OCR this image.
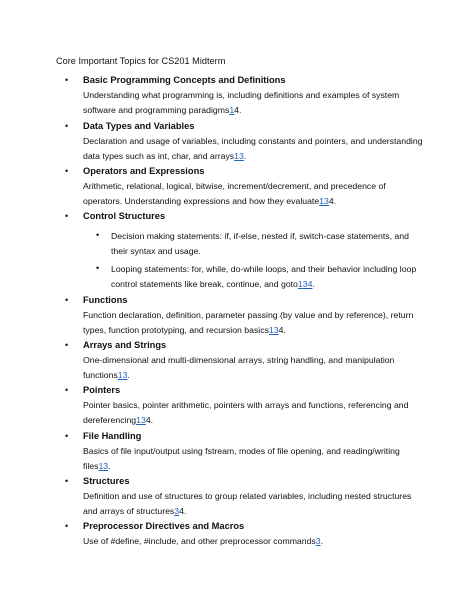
Core Important Topics for CS201 Midterm
• Basic Programming Concepts and Definitions
Understanding what programming is, including definitions and examples of system software and programming paradigms14.
• Data Types and Variables
Declaration and usage of variables, including constants and pointers, and understanding data types such as int, char, and arrays13.
• Operators and Expressions
Arithmetic, relational, logical, bitwise, increment/decrement, and precedence of operators. Understanding expressions and how they evaluate134.
• Control Structures
• Decision making statements: if, if-else, nested if, switch-case statements, and their syntax and usage.
• Looping statements: for, while, do-while loops, and their behavior including loop control statements like break, continue, and goto134.
• Functions
Function declaration, definition, parameter passing (by value and by reference), return types, function prototyping, and recursion basics134.
• Arrays and Strings
One-dimensional and multi-dimensional arrays, string handling, and manipulation functions13.
• Pointers
Pointer basics, pointer arithmetic, pointers with arrays and functions, referencing and dereferencing134.
• File Handling
Basics of file input/output using fstream, modes of file opening, and reading/writing files13.
• Structures
Definition and use of structures to group related variables, including nested structures and arrays of structures34.
• Preprocessor Directives and Macros
Use of #define, #include, and other preprocessor commands3.
